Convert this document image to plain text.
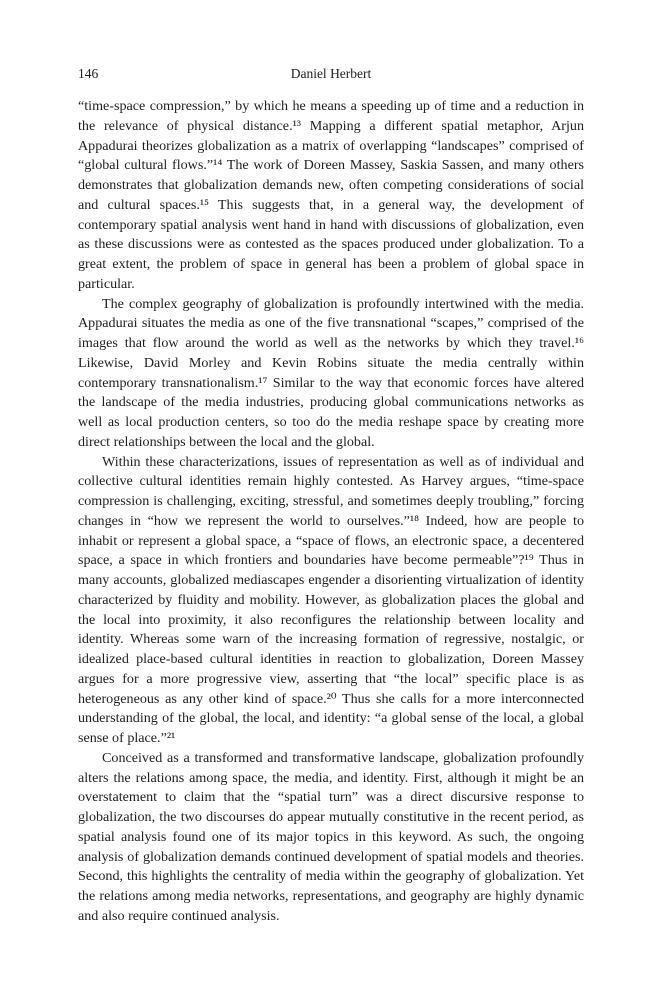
146	Daniel Herbert

“time-space compression,” by which he means a speeding up of time and a reduction in the relevance of physical distance.¹³ Mapping a different spatial metaphor, Arjun Appadurai theorizes globalization as a matrix of overlapping “landscapes” comprised of “global cultural flows.”¹⁴ The work of Doreen Massey, Saskia Sassen, and many others demonstrates that globalization demands new, often competing considerations of social and cultural spaces.¹⁵ This suggests that, in a general way, the development of contemporary spatial analysis went hand in hand with discussions of globalization, even as these discussions were as contested as the spaces produced under globalization. To a great extent, the problem of space in general has been a problem of global space in particular.

The complex geography of globalization is profoundly intertwined with the media. Appadurai situates the media as one of the five transnational “scapes,” comprised of the images that flow around the world as well as the networks by which they travel.¹⁶ Likewise, David Morley and Kevin Robins situate the media centrally within contemporary transnationalism.¹⁷ Similar to the way that economic forces have altered the landscape of the media industries, producing global communications networks as well as local production centers, so too do the media reshape space by creating more direct relationships between the local and the global.

Within these characterizations, issues of representation as well as of individual and collective cultural identities remain highly contested. As Harvey argues, “time-space compression is challenging, exciting, stressful, and sometimes deeply troubling,” forcing changes in “how we represent the world to ourselves.”¹⁸ Indeed, how are people to inhabit or represent a global space, a “space of flows, an electronic space, a decentered space, a space in which frontiers and boundaries have become permeable”?¹⁹ Thus in many accounts, globalized mediascapes engender a disorienting virtualization of identity characterized by fluidity and mobility. However, as globalization places the global and the local into proximity, it also reconfigures the relationship between locality and identity. Whereas some warn of the increasing formation of regressive, nostalgic, or idealized place-based cultural identities in reaction to globalization, Doreen Massey argues for a more progressive view, asserting that “the local” specific place is as heterogeneous as any other kind of space.²⁰ Thus she calls for a more interconnected understanding of the global, the local, and identity: “a global sense of the local, a global sense of place.”²¹

Conceived as a transformed and transformative landscape, globalization profoundly alters the relations among space, the media, and identity. First, although it might be an overstatement to claim that the “spatial turn” was a direct discursive response to globalization, the two discourses do appear mutually constitutive in the recent period, as spatial analysis found one of its major topics in this keyword. As such, the ongoing analysis of globalization demands continued development of spatial models and theories. Second, this highlights the centrality of media within the geography of globalization. Yet the relations among media networks, representations, and geography are highly dynamic and also require continued analysis.
